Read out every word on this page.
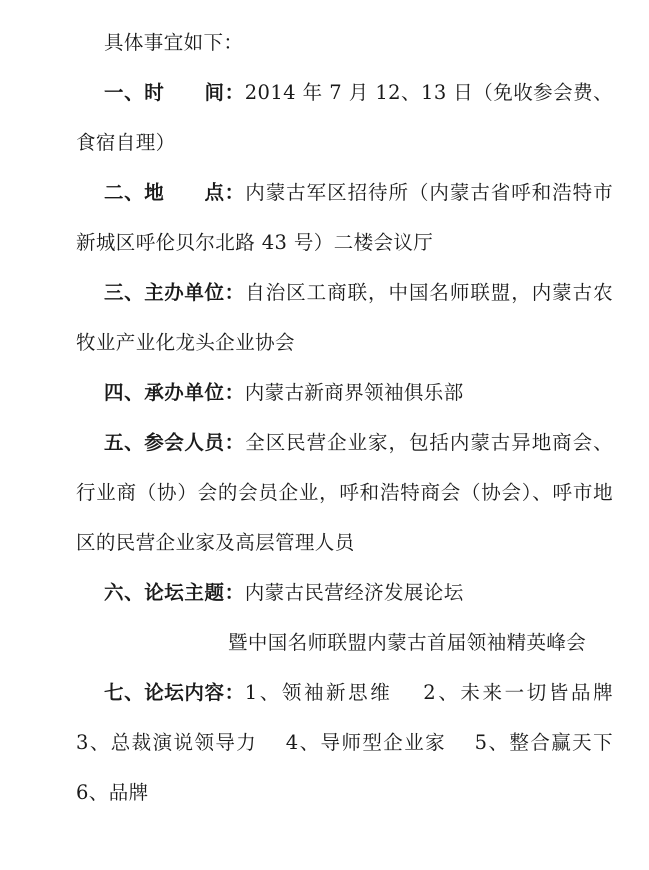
具体事宜如下：

一、时　　间：2014 年 7 月 12、13 日（免收参会费、食宿自理）

二、地　　点：内蒙古军区招待所（内蒙古省呼和浩特市新城区呼伦贝尔北路 43 号）二楼会议厅

三、主办单位：自治区工商联，中国名师联盟，内蒙古农牧业产业化龙头企业协会

四、承办单位：内蒙古新商界领袖俱乐部

五、参会人员：全区民营企业家，包括内蒙古异地商会、行业商（协）会的会员企业，呼和浩特商会（协会）、呼市地区的民营企业家及高层管理人员

六、论坛主题：内蒙古民营经济发展论坛

暨中国名师联盟内蒙古首届领袖精英峰会

七、论坛内容：1、领袖新思维　 2、未来一切皆品牌　 3、总裁演说领导力　 4、导师型企业家　 5、整合赢天下　 6、品牌
